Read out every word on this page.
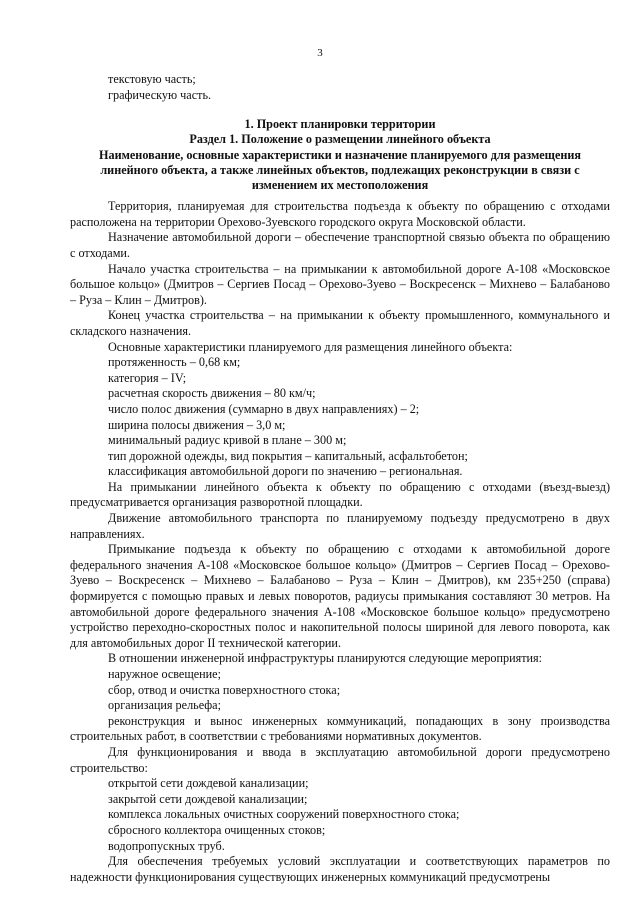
3

текстовую часть;

графическую часть.

1. Проект планировки территории
Раздел 1. Положение о размещении линейного объекта
Наименование, основные характеристики и назначение планируемого для размещения линейного объекта, а также линейных объектов, подлежащих реконструкции в связи с изменением их местоположения

Территория, планируемая для строительства подъезда к объекту по обращению с отходами расположена на территории Орехово-Зуевского городского округа Московской области.

Назначение автомобильной дороги – обеспечение транспортной связью объекта по обращению с отходами.

Начало участка строительства – на примыкании к автомобильной дороге А-108 «Московское большое кольцо» (Дмитров – Сергиев Посад – Орехово-Зуево – Воскресенск – Михнево – Балабаново – Руза – Клин – Дмитров).

Конец участка строительства – на примыкании к объекту промышленного, коммунального и складского назначения.

Основные характеристики планируемого для размещения линейного объекта:

протяженность – 0,68 км;

категория – IV;

расчетная скорость движения – 80 км/ч;

число полос движения (суммарно в двух направлениях) – 2;

ширина полосы движения – 3,0 м;

минимальный радиус кривой в плане – 300 м;

тип дорожной одежды, вид покрытия – капитальный, асфальтобетон;

классификация автомобильной дороги по значению – региональная.

На примыкании линейного объекта к объекту по обращению с отходами (въезд-выезд) предусматривается организация разворотной площадки.

Движение автомобильного транспорта по планируемому подъезду предусмотрено в двух направлениях.

Примыкание подъезда к объекту по обращению с отходами к автомобильной дороге федерального значения А-108 «Московское большое кольцо» (Дмитров – Сергиев Посад – Орехово-Зуево – Воскресенск – Михнево – Балабаново – Руза – Клин – Дмитров), км 235+250 (справа) формируется с помощью правых и левых поворотов, радиусы примыкания составляют 30 метров. На автомобильной дороге федерального значения А-108 «Московское большое кольцо» предусмотрено устройство переходно-скоростных полос и накопительной полосы шириной для левого поворота, как для автомобильных дорог II технической категории.

В отношении инженерной инфраструктуры планируются следующие мероприятия:

наружное освещение;

сбор, отвод и очистка поверхностного стока;

организация рельефа;

реконструкция и вынос инженерных коммуникаций, попадающих в зону производства строительных работ, в соответствии с требованиями нормативных документов.

Для функционирования и ввода в эксплуатацию автомобильной дороги предусмотрено строительство:

открытой сети дождевой канализации;

закрытой сети дождевой канализации;

комплекса локальных очистных сооружений поверхностного стока;

сбросного коллектора очищенных стоков;

водопропускных труб.

Для обеспечения требуемых условий эксплуатации и соответствующих параметров по надежности функционирования существующих инженерных коммуникаций предусмотрены
